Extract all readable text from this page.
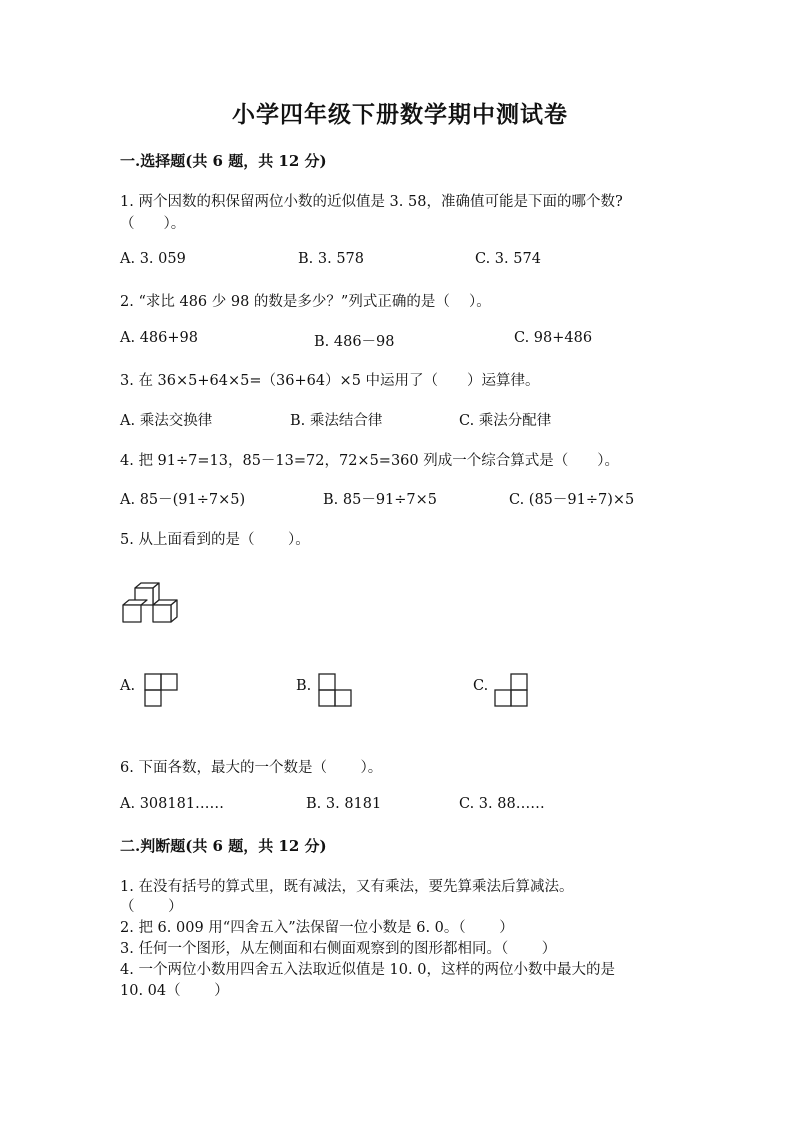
小学四年级下册数学期中测试卷
一.选择题(共 6 题，共 12 分)
1. 两个因数的积保留两位小数的近似值是 3. 58，准确值可能是下面的哪个数?
（　　）。
A. 3. 059	B. 3. 578	C. 3. 574
2. “求比 486 少 98 的数是多少？”列式正确的是（　 ）。
A. 486+98	B. 486－98	C. 98+486
3. 在 36×5+64×5=（36+64）×5 中运用了（　　）运算律。
A. 乘法交换律	B. 乘法结合律	C. 乘法分配律
4. 把 91÷7=13，85－13=72，72×5=360 列成一个综合算式是（　　）。
A. 85－(91÷7×5)	B. 85－91÷7×5	C. (85－91÷7)×5
5. 从上面看到的是（　　 ）。
A.	B.	C.
6. 下面各数，最大的一个数是（　　 ）。
A. 308181……	B. 3. 8181	C. 3. 88……
二.判断题(共 6 题，共 12 分)
1. 在没有括号的算式里，既有减法，又有乘法，要先算乘法后算减法。
（　　 ）
2. 把 6. 009 用“四舍五入”法保留一位小数是 6. 0。（　　 ）
3. 任何一个图形，从左侧面和右侧面观察到的图形都相同。（　　 ）
4. 一个两位小数用四舍五入法取近似值是 10. 0，这样的两位小数中最大的是
10. 04（　　 ）
